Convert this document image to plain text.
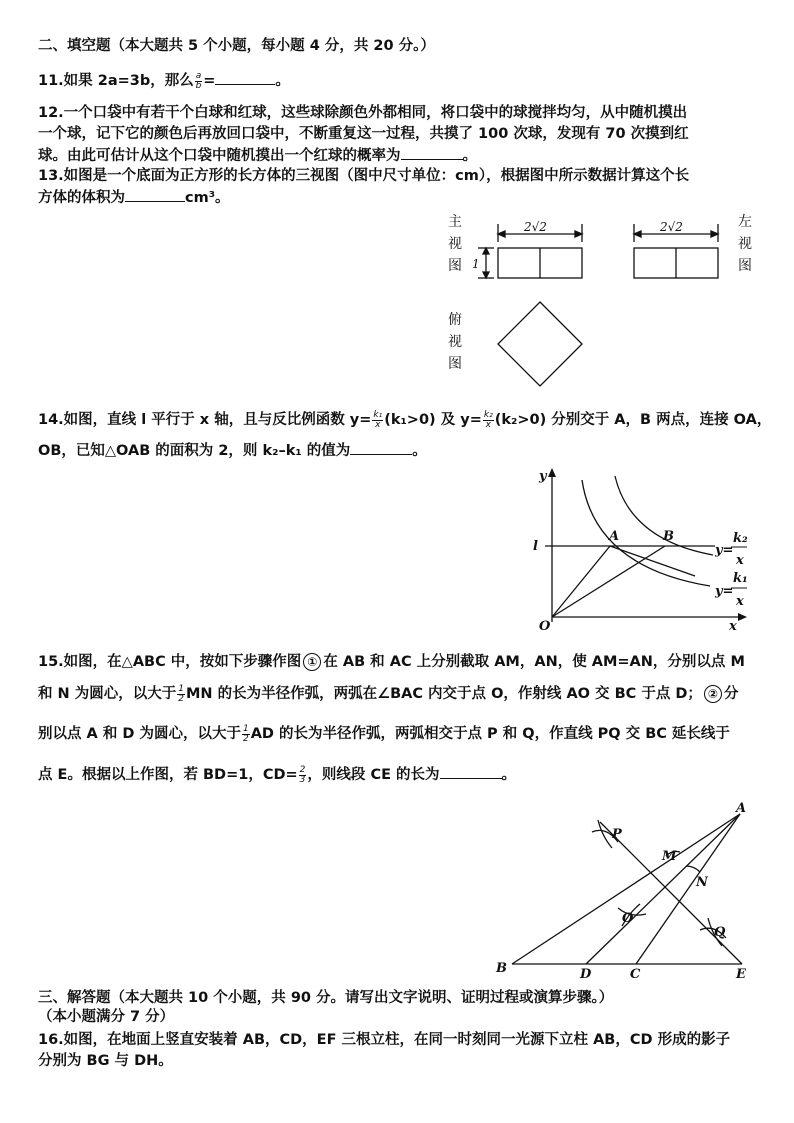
二、填空题（本大题共 5 个小题，每小题 4 分，共 20 分。）
11.如果 2a=3b，那么 $\frac{a}{b}$ =	。
12.一个口袋中有若干个白球和红球，这些球除颜色外都相同，将口袋中的球搅拌均匀，从中随机摸出
一个球，记下它的颜色后再放回口袋中，不断重复这一过程，共摸了 100 次球，发现有 70 次摸到红
球。由此可估计从这个口袋中随机摸出一个红球的概率为	。
13.如图是一个底面为正方形的长方体的三视图（图中尺寸单位：cm），根据图中所示数据计算这个长
方体的体积为	cm³。
主
视
图
左
视
图
俯
视
图
2√2	2√2
1
14.如图，直线 l 平行于 x 轴，且与反比例函数 $y= \frac{\text{k₁}}{x} (k_1>0)$ 及 $y= \frac{\text{k₂}}{x} (k_2>0)$ 分别交于 A，B 两点，连接 OA，
OB，已知△OAB 的面积为 2，则 k₂–k₁ 的值为	。
y
x
O
l
A	B
y=
k₂
x
y=
k₁
x
15.如图，在△ABC 中，按如下步骤作图 ① 在 AB 和 AC 上分别截取 AM，AN，使 AM=AN，分别以点 M
和 N 为圆心，以大于 $\frac{1}{2}$ MN 的长为半径作弧，两弧在∠BAC 内交于点 O，作射线 AO 交 BC 于点 D； ② 分
别以点 A 和 D 为圆心，以大于 $\frac{1}{2}$ AD 的长为半径作弧，两弧相交于点 P 和 Q，作直线 PQ 交 BC 延长线于
点 E。根据以上作图，若 BD=1，$CD= \frac{2}{3}$ ，则线段 CE 的长为	。
A
B	C
D	E
M
N
O
P
Q
三、解答题（本大题共 10 个小题，共 90 分。请写出文字说明、证明过程或演算步骤。）
（本小题满分 7 分）
16.如图，在地面上竖直安装着 AB，CD，EF 三根立柱，在同一时刻同一光源下立柱 AB，CD 形成的影子
分别为 BG 与 DH。
